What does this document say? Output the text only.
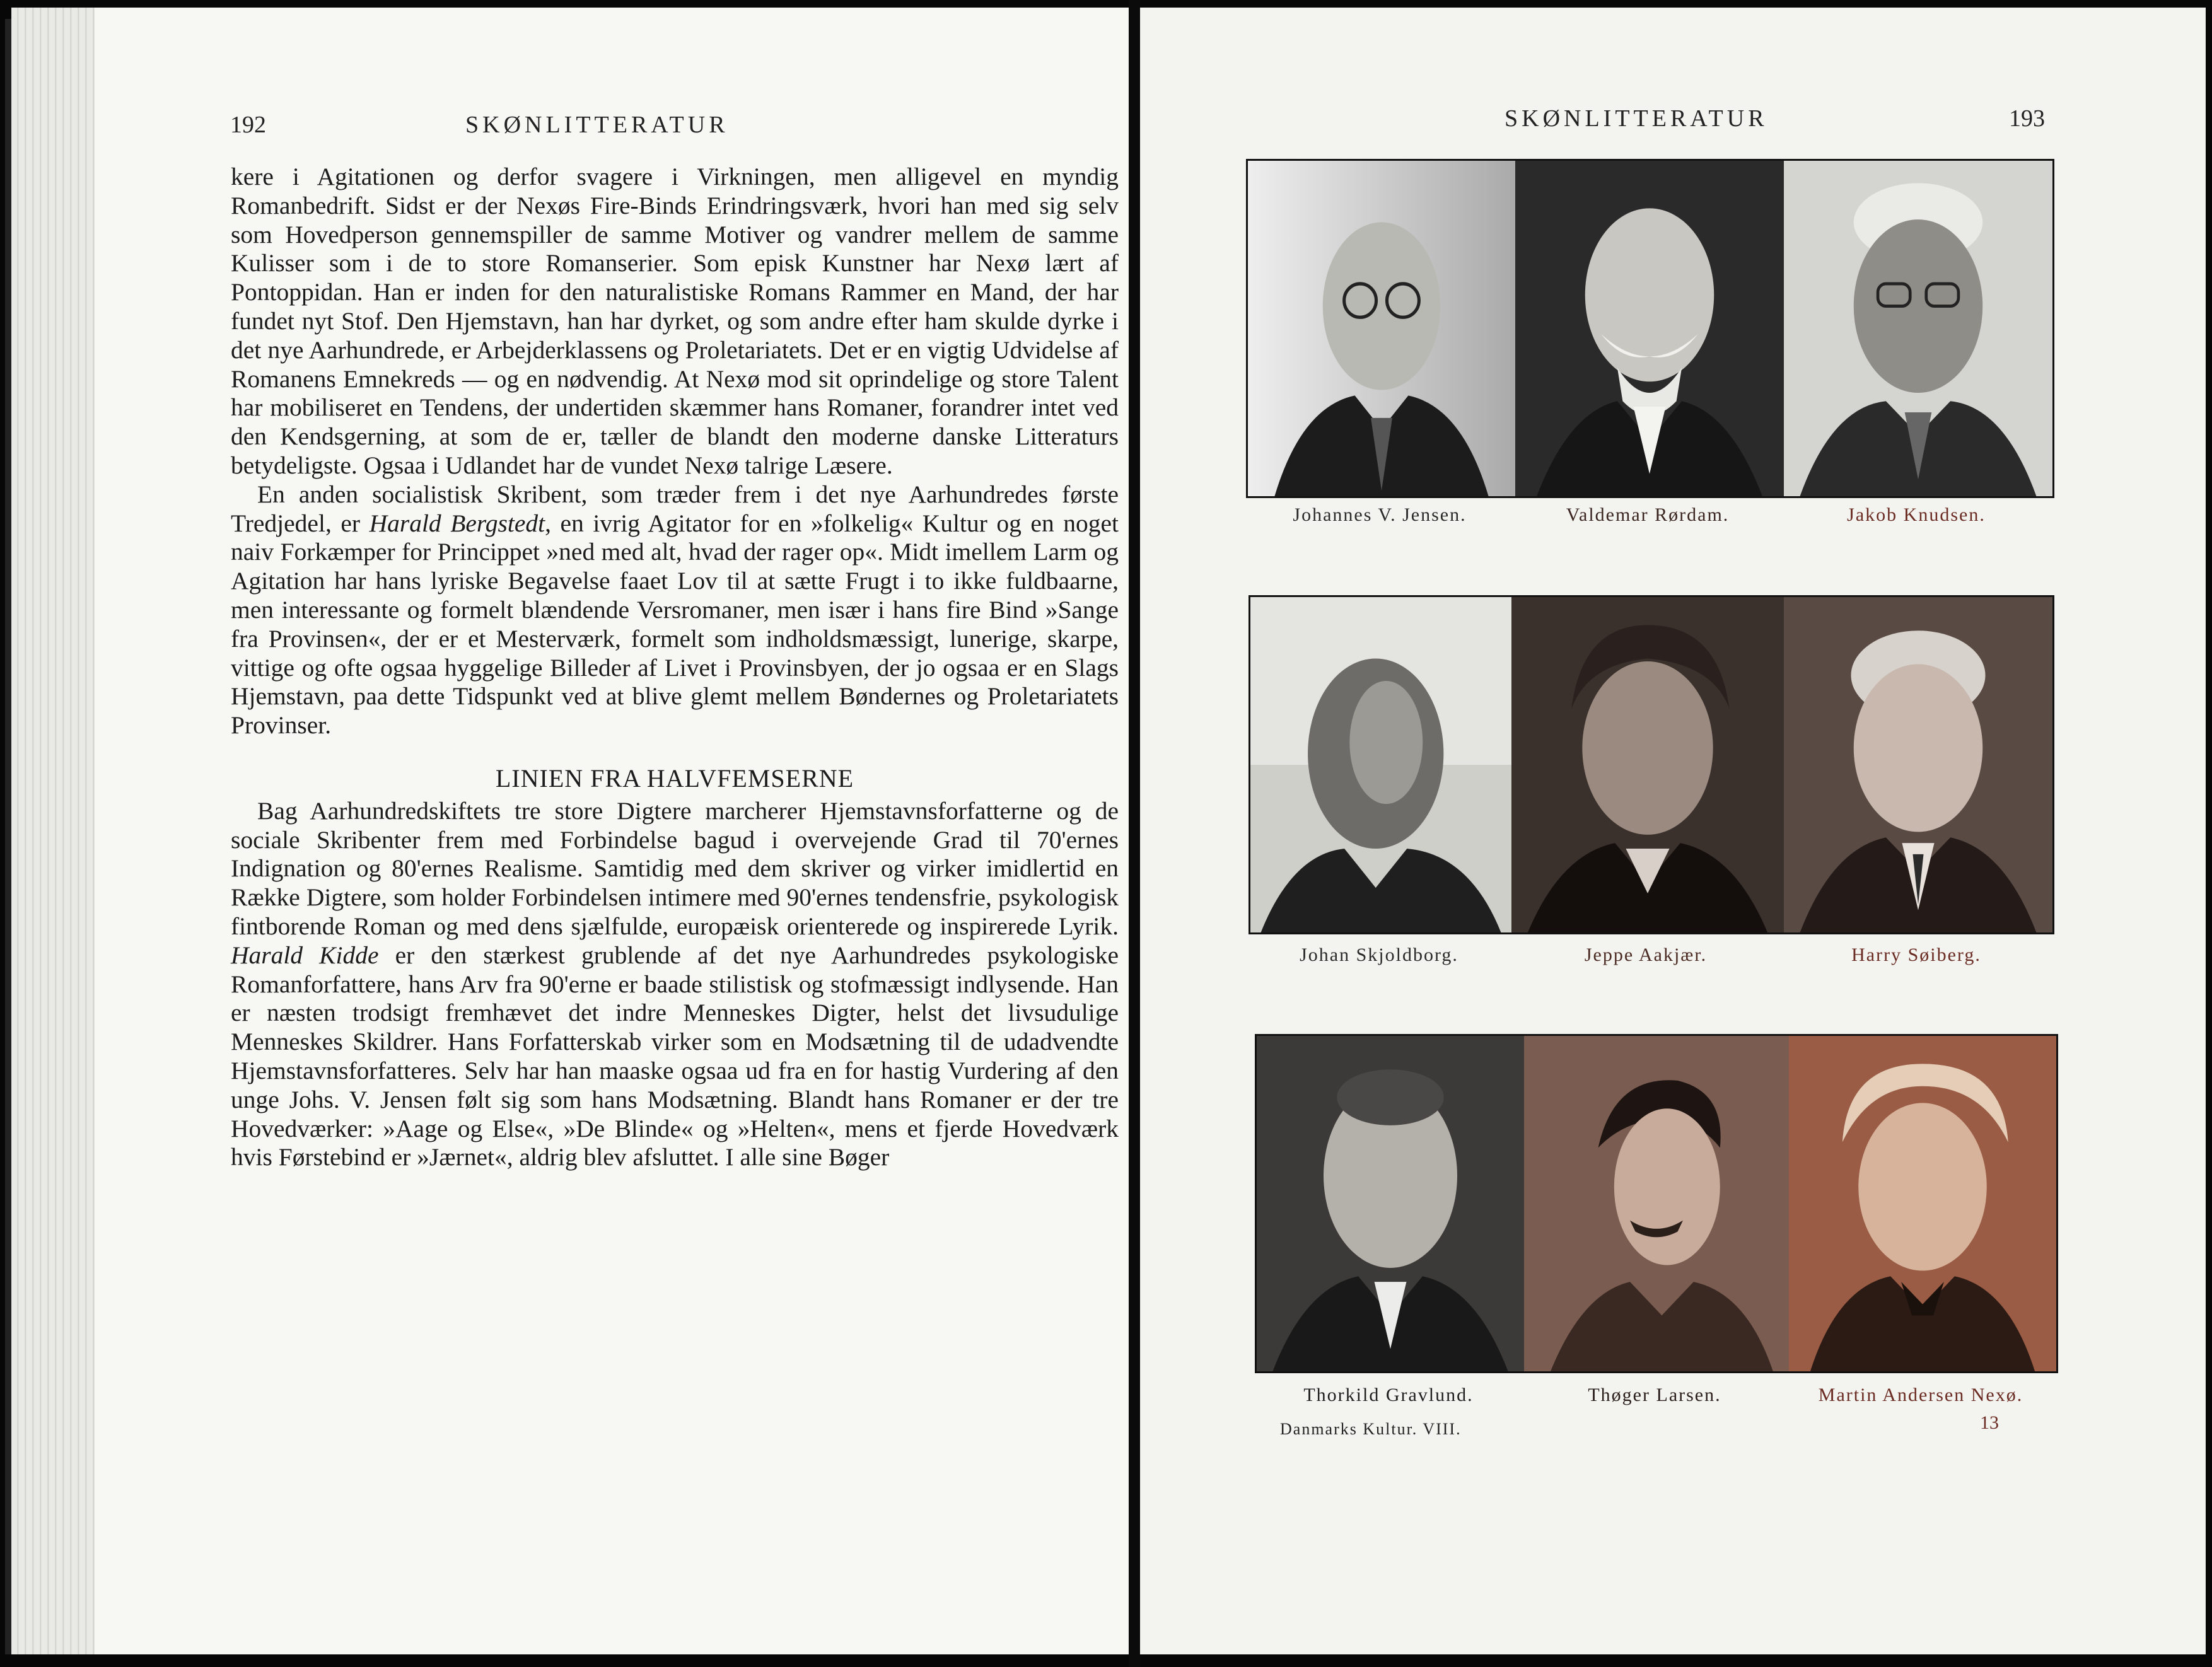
192	SKØNLITTERATUR

kere i Agitationen og derfor svagere i Virkningen, men alligevel en myndig Romanbedrift. Sidst er der Nexøs Fire-Binds Erindringsværk, hvori han med sig selv som Hovedperson gennemspiller de samme Motiver og vandrer mellem de samme Kulisser som i de to store Romanserier. Som episk Kunstner har Nexø lært af Pontoppidan. Han er inden for den naturalistiske Romans Rammer en Mand, der har fundet nyt Stof. Den Hjemstavn, han har dyrket, og som andre efter ham skulde dyrke i det nye Aarhundrede, er Arbejderklassens og Proletariatets. Det er en vigtig Udvidelse af Romanens Emnekreds — og en nødvendig. At Nexø mod sit oprindelige og store Talent har mobiliseret en Tendens, der undertiden skæmmer hans Romaner, forandrer intet ved den Kendsgerning, at som de er, tæller de blandt den moderne danske Litteraturs betydeligste. Ogsaa i Udlandet har de vundet Nexø talrige Læsere.

En anden socialistisk Skribent, som træder frem i det nye Aarhundredes første Tredjedel, er Harald Bergstedt, en ivrig Agitator for en »folkelig« Kultur og en noget naiv Forkæmper for Princippet »ned med alt, hvad der rager op«. Midt imellem Larm og Agitation har hans lyriske Begavelse faaet Lov til at sætte Frugt i to ikke fuldbaarne, men interessante og formelt blændende Versromaner, men især i hans fire Bind »Sange fra Provinsen«, der er et Mesterværk, formelt som indholdsmæssigt, lunerige, skarpe, vittige og ofte ogsaa hyggelige Billeder af Livet i Provinsbyen, der jo ogsaa er en Slags Hjemstavn, paa dette Tidspunkt ved at blive glemt mellem Bøndernes og Proletariatets Provinser.

LINIEN FRA HALVFEMSERNE

Bag Aarhundredskiftets tre store Digtere marcherer Hjemstavnsforfatterne og de sociale Skribenter frem med Forbindelse bagud i overvejende Grad til 70'ernes Indignation og 80'ernes Realisme. Samtidig med dem skriver og virker imidlertid en Række Digtere, som holder Forbindelsen intimere med 90'ernes tendensfrie, psykologisk fintborende Roman og med dens sjælfulde, europæisk orienterede og inspirerede Lyrik. Harald Kidde er den stærkest grublende af det nye Aarhundredes psykologiske Romanforfattere, hans Arv fra 90'erne er baade stilistisk og stofmæssigt indlysende. Han er næsten trodsigt fremhævet det indre Menneskes Digter, helst det livsudulige Menneskes Skildrer. Hans Forfatterskab virker som en Modsætning til de udadvendte Hjemstavnsforfatteres. Selv har han maaske ogsaa ud fra en for hastig Vurdering af den unge Johs. V. Jensen følt sig som hans Modsætning. Blandt hans Romaner er der tre Hovedværker: »Aage og Else«, »De Blinde« og »Helten«, mens et fjerde Hovedværk hvis Førstebind er »Jærnet«, aldrig blev afsluttet. I alle sine Bøger

SKØNLITTERATUR	193
Johannes V. Jensen.	Valdemar Rørdam.	Jakob Knudsen.
Johan Skjoldborg.	Jeppe Aakjær.	Harry Søiberg.
Thorkild Gravlund.	Thøger Larsen.	Martin Andersen Nexø.
Danmarks Kultur. VIII.	13
